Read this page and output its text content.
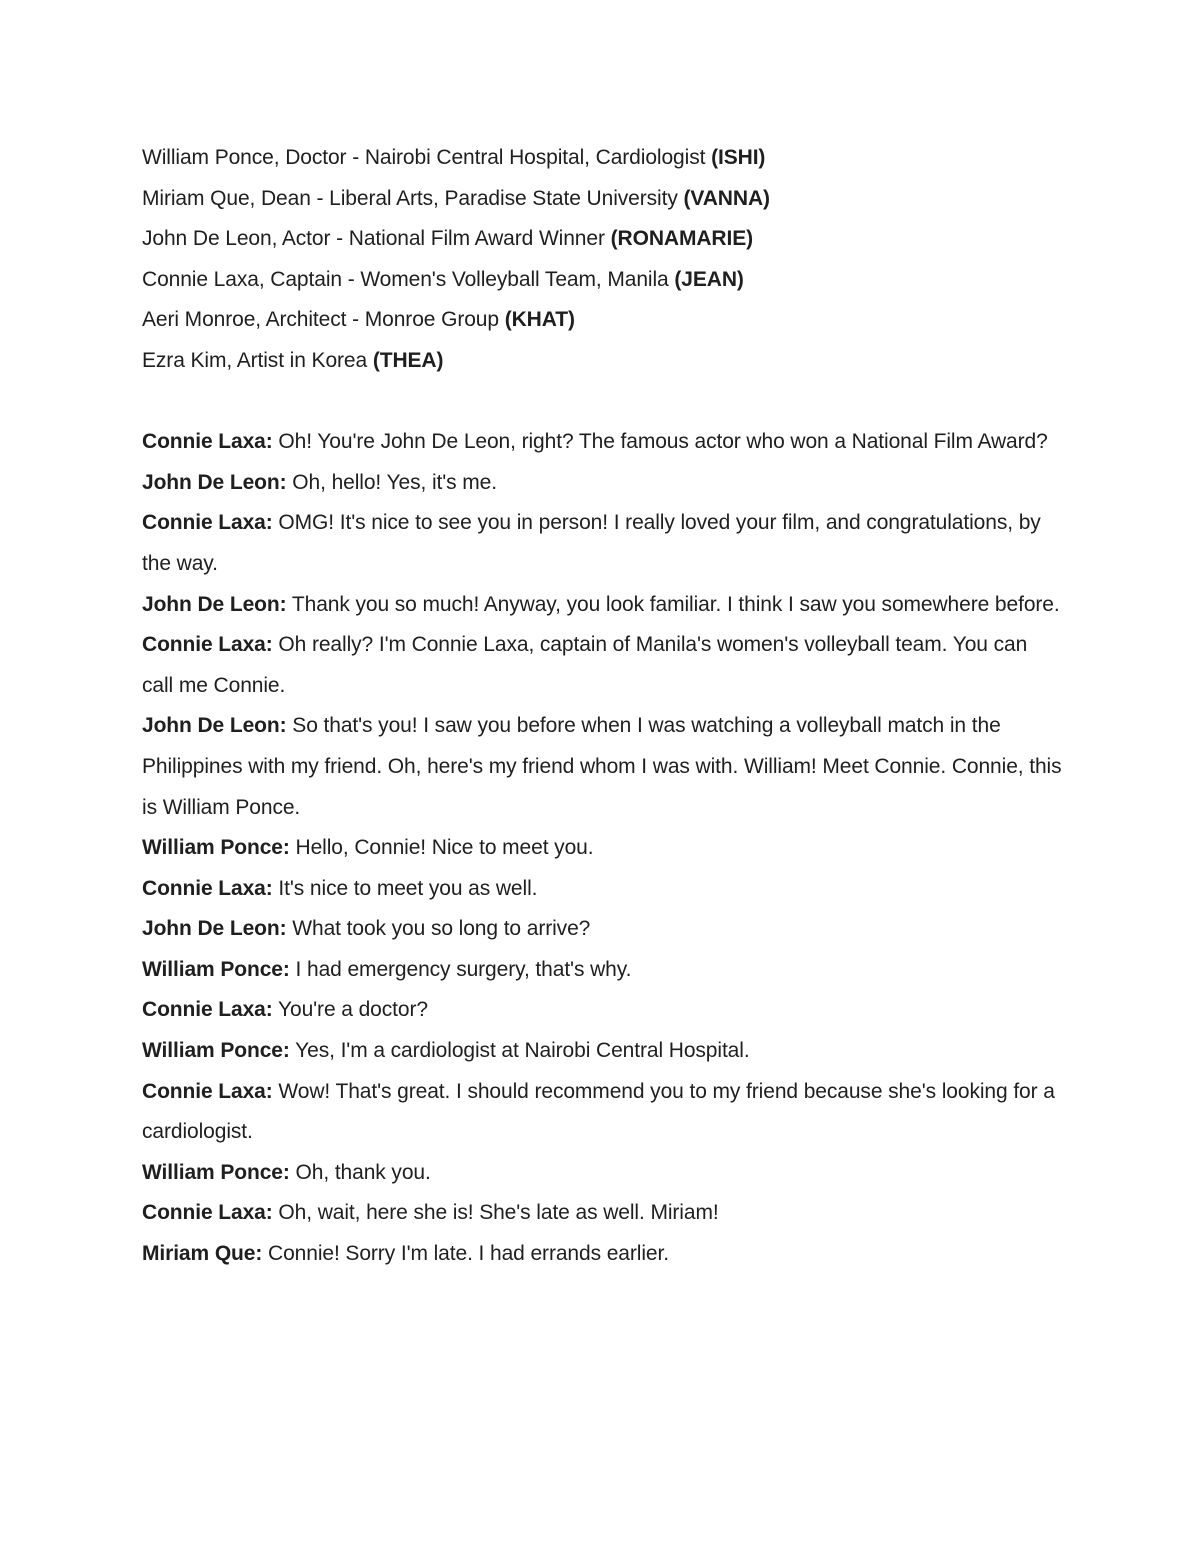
William Ponce, Doctor - Nairobi Central Hospital, Cardiologist (ISHI)
Miriam Que, Dean - Liberal Arts, Paradise State University (VANNA)
John De Leon, Actor - National Film Award Winner (RONAMARIE)
Connie Laxa, Captain - Women's Volleyball Team, Manila (JEAN)
Aeri Monroe, Architect - Monroe Group (KHAT)
Ezra Kim, Artist in Korea (THEA)

Connie Laxa: Oh! You're John De Leon, right? The famous actor who won a National Film Award?

John De Leon: Oh, hello! Yes, it's me.

Connie Laxa: OMG! It's nice to see you in person! I really loved your film, and congratulations, by the way.

John De Leon: Thank you so much! Anyway, you look familiar. I think I saw you somewhere before.

Connie Laxa: Oh really? I'm Connie Laxa, captain of Manila's women's volleyball team. You can call me Connie.

John De Leon: So that's you! I saw you before when I was watching a volleyball match in the Philippines with my friend. Oh, here's my friend whom I was with. William! Meet Connie. Connie, this is William Ponce.

William Ponce: Hello, Connie! Nice to meet you.

Connie Laxa: It's nice to meet you as well.

John De Leon: What took you so long to arrive?

William Ponce: I had emergency surgery, that's why.

Connie Laxa: You're a doctor?

William Ponce: Yes, I'm a cardiologist at Nairobi Central Hospital.

Connie Laxa: Wow! That's great. I should recommend you to my friend because she's looking for a cardiologist.

William Ponce: Oh, thank you.

Connie Laxa: Oh, wait, here she is! She's late as well. Miriam!

Miriam Que: Connie! Sorry I'm late. I had errands earlier.
